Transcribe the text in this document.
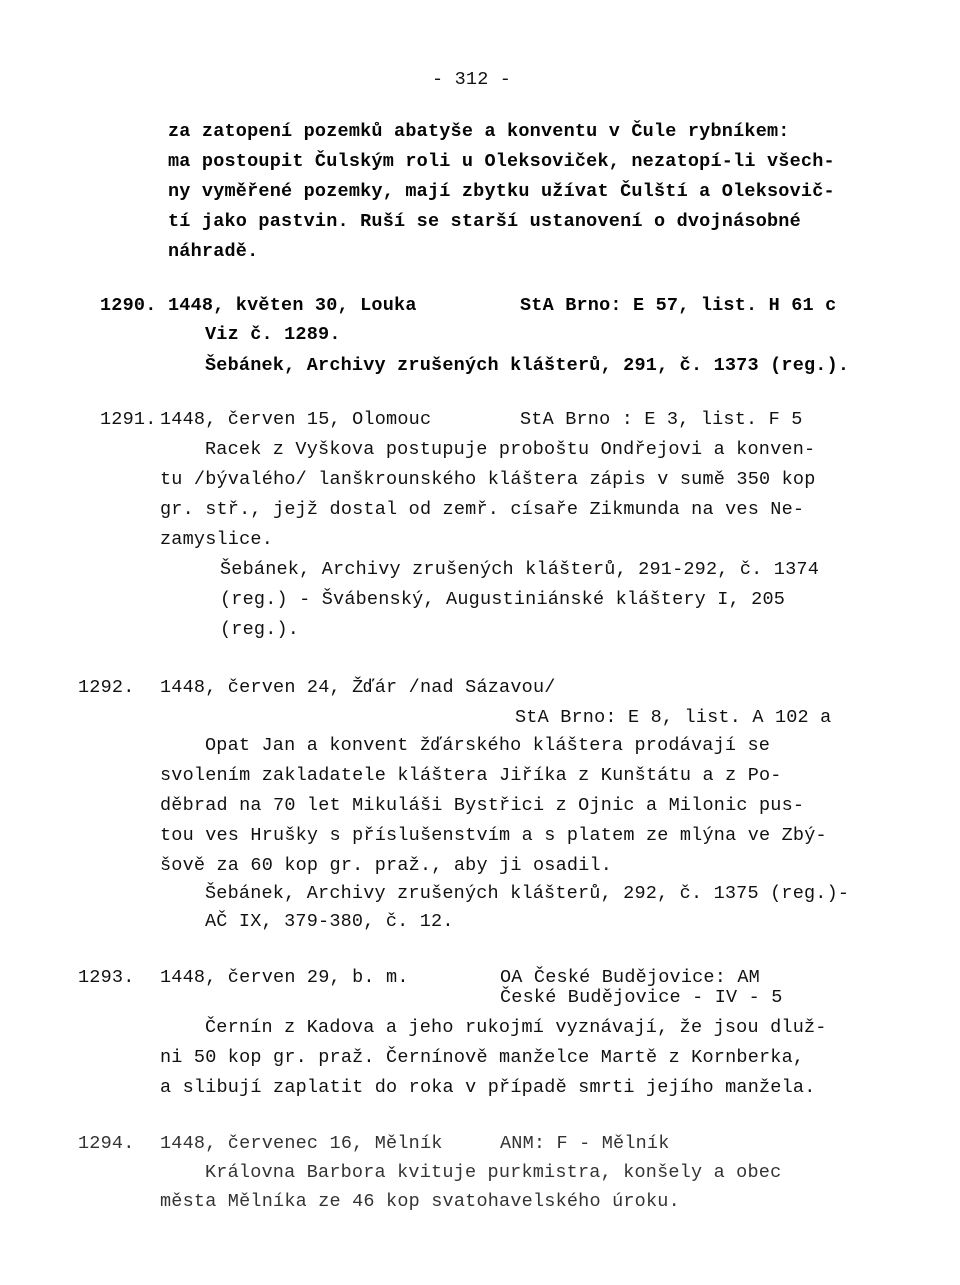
- 312 -
za zatopení pozemků abatyše a konventu v Čule rybníkem:
ma postoupit Čulským roli u Oleksoviček, nezatopí-li všech-
ny vyměřené pozemky, mají zbytku užívat Čulští a Oleksovič-
tí jako pastvin. Ruší se starší ustanovení o dvojnásobné
náhradě.
1290. 1448, květen 30, Louka	StA Brno: E 57, list. H 61 c
Viz č. 1289.
Šebánek, Archivy zrušených klášterů, 291, č. 1373 (reg.).
1291. 1448, červen 15, Olomouc	StA Brno : E 3, list. F 5
Racek z Vyškova postupuje proboštu Ondřejovi a konven-
tu /bývalého/ lanškrounského kláštera zápis v sumě 350 kop
gr. stř., jejž dostal od zemř. císaře Zikmunda na ves Ne-
zamyslice.
Šebánek, Archivy zrušených klášterů, 291-292, č. 1374
(reg.) - Švábenský, Augustiniánské kláštery I, 205
(reg.).
1292. 1448, červen 24, Žďár /nad Sázavou/
StA Brno: E 8, list. A 102 a
Opat Jan a konvent žďárského kláštera prodávají se
svolením zakladatele kláštera Jiříka z Kunštátu a z Po-
děbrad na 70 let Mikuláši Bystřici z Ojnic a Milonic pus-
tou ves Hrušky s příslušenstvím a s platem ze mlýna ve Zbý-
šově za 60 kop gr. praž., aby ji osadil.
Šebánek, Archivy zrušených klášterů, 292, č. 1375 (reg.)-
AČ IX, 379-380, č. 12.
1293. 1448, červen 29, b. m.	OA České Budějovice: AM
České Budějovice - IV - 5
Černín z Kadova a jeho rukojmí vyznávají, že jsou dluž-
ni 50 kop gr. praž. Černínově manželce Martě z Kornberka,
a slibují zaplatit do roka v případě smrti jejího manžela.
1294. 1448, červenec 16, Mělník	ANM: F - Mělník
Královna Barbora kvituje purkmistra, konšely a obec
města Mělníka ze 46 kop svatohavelského úroku.
